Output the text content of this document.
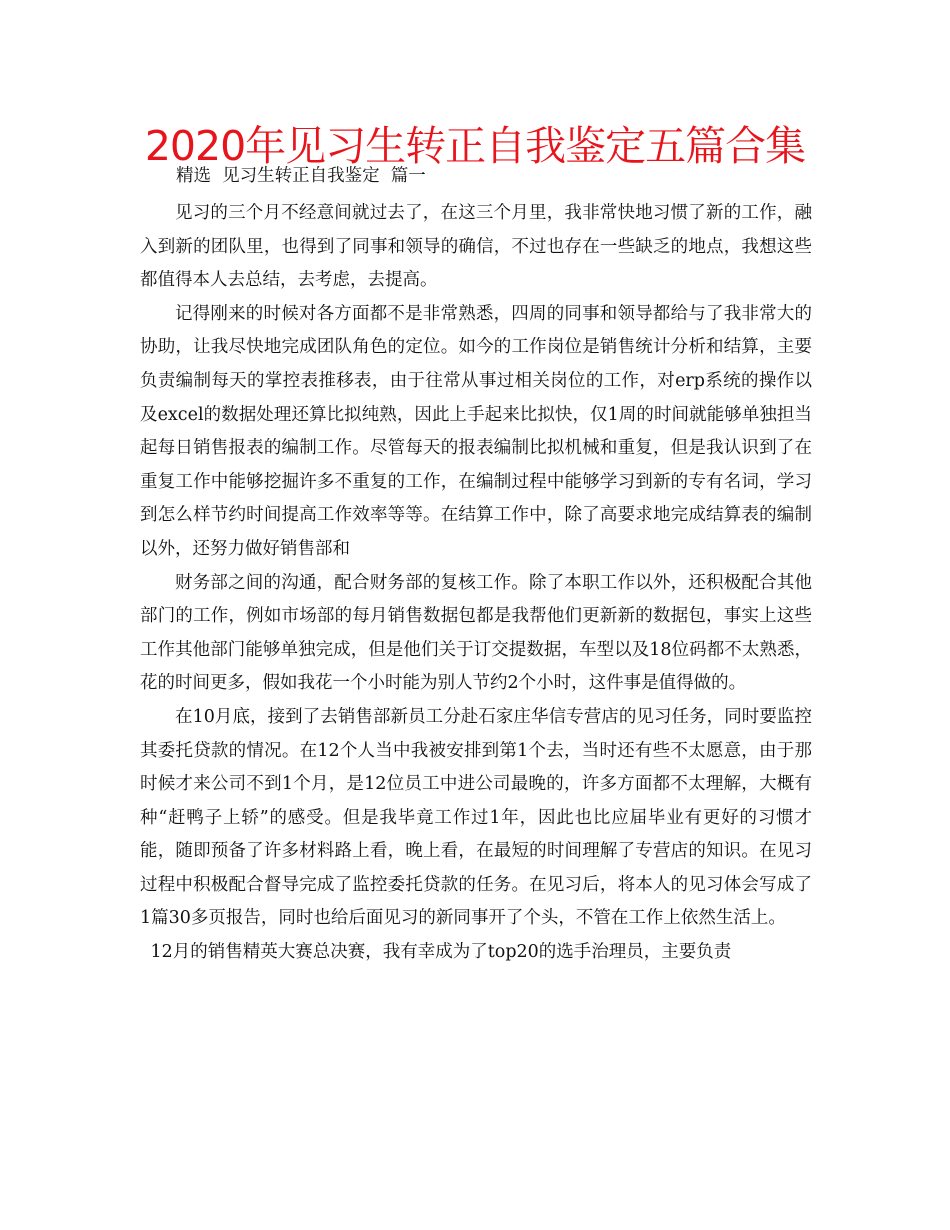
2020年见习生转正自我鉴定五篇合集
精选  见习生转正自我鉴定  篇一

见习的三个月不经意间就过去了，在这三个月里，我非常快地习惯了新的工作，融入到新的团队里，也得到了同事和领导的确信，不过也存在一些缺乏的地点，我想这些都值得本人去总结，去考虑，去提高。

记得刚来的时候对各方面都不是非常熟悉，四周的同事和领导都给与了我非常大的协助，让我尽快地完成团队角色的定位。如今的工作岗位是销售统计分析和结算，主要负责编制每天的掌控表推移表，由于往常从事过相关岗位的工作，对erp系统的操作以及excel的数据处理还算比拟纯熟，因此上手起来比拟快，仅1周的时间就能够单独担当起每日销售报表的编制工作。尽管每天的报表编制比拟机械和重复，但是我认识到了在重复工作中能够挖掘许多不重复的工作，在编制过程中能够学习到新的专有名词，学习到怎么样节约时间提高工作效率等等。在结算工作中，除了高要求地完成结算表的编制以外，还努力做好销售部和

财务部之间的沟通，配合财务部的复核工作。除了本职工作以外，还积极配合其他部门的工作，例如市场部的每月销售数据包都是我帮他们更新新的数据包，事实上这些工作其他部门能够单独完成，但是他们关于订交提数据，车型以及18位码都不太熟悉，花的时间更多，假如我花一个小时能为别人节约2个小时，这件事是值得做的。

在10月底，接到了去销售部新员工分赴石家庄华信专营店的见习任务，同时要监控其委托贷款的情况。在12个人当中我被安排到第1个去，当时还有些不太愿意，由于那时候才来公司不到1个月，是12位员工中进公司最晚的，许多方面都不太理解，大概有种“赶鸭子上轿”的感受。但是我毕竟工作过1年，因此也比应届毕业有更好的习惯才能，随即预备了许多材料路上看，晚上看，在最短的时间理解了专营店的知识。在见习过程中积极配合督导完成了监控委托贷款的任务。在见习后，将本人的见习体会写成了1篇30多页报告，同时也给后面见习的新同事开了个头，不管在工作上依然生活上。

12月的销售精英大赛总决赛，我有幸成为了top20的选手治理员，主要负责
